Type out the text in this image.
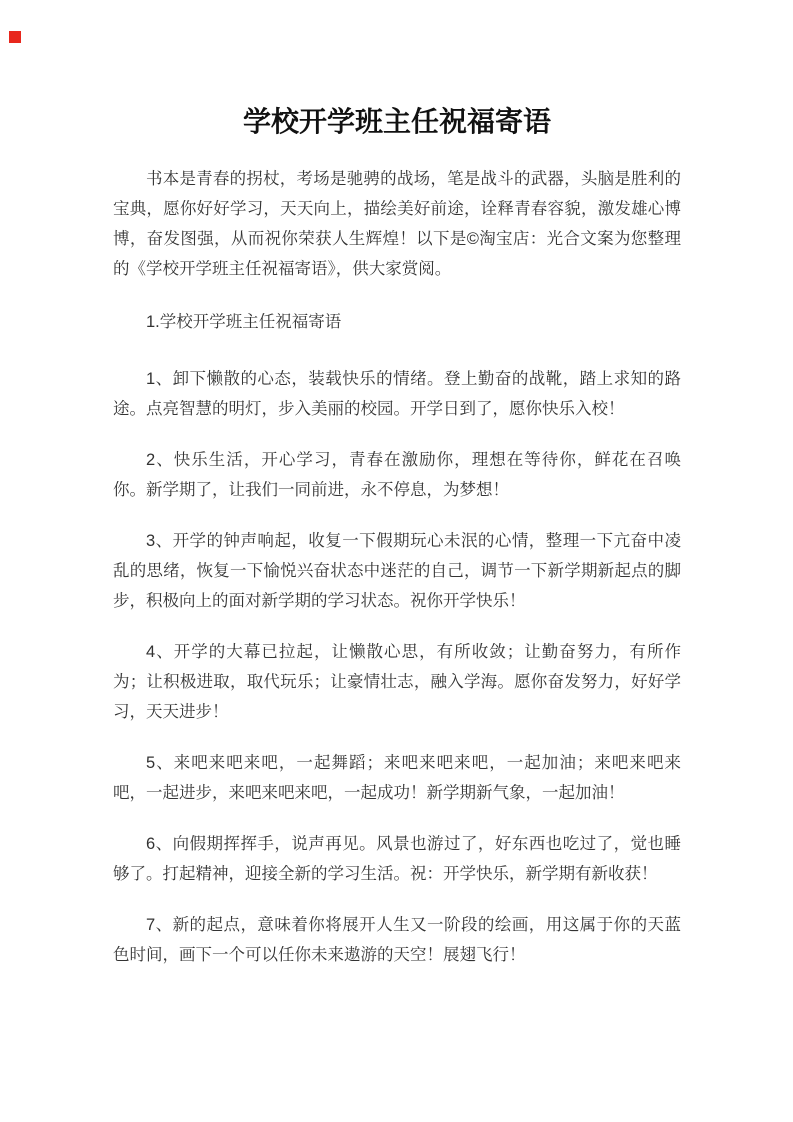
学校开学班主任祝福寄语

书本是青春的拐杖，考场是驰骋的战场，笔是战斗的武器，头脑是胜利的宝典，愿你好好学习，天天向上，描绘美好前途，诠释青春容貌，激发雄心博博，奋发图强，从而祝你荣获人生辉煌！以下是©淘宝店：光合文案为您整理的《学校开学班主任祝福寄语》，供大家赏阅。

1.学校开学班主任祝福寄语

1、卸下懒散的心态，装载快乐的情绪。登上勤奋的战靴，踏上求知的路途。点亮智慧的明灯，步入美丽的校园。开学日到了，愿你快乐入校！

2、快乐生活，开心学习，青春在激励你，理想在等待你，鲜花在召唤你。新学期了，让我们一同前进，永不停息，为梦想！

3、开学的钟声响起，收复一下假期玩心未泯的心情，整理一下亢奋中凌乱的思绪，恢复一下愉悦兴奋状态中迷茫的自己，调节一下新学期新起点的脚步，积极向上的面对新学期的学习状态。祝你开学快乐！

4、开学的大幕已拉起，让懒散心思，有所收敛；让勤奋努力，有所作为；让积极进取，取代玩乐；让豪情壮志，融入学海。愿你奋发努力，好好学习，天天进步！

5、来吧来吧来吧，一起舞蹈；来吧来吧来吧，一起加油；来吧来吧来吧，一起进步，来吧来吧来吧，一起成功！新学期新气象，一起加油！

6、向假期挥挥手，说声再见。风景也游过了，好东西也吃过了，觉也睡够了。打起精神，迎接全新的学习生活。祝：开学快乐，新学期有新收获！

7、新的起点，意味着你将展开人生又一阶段的绘画，用这属于你的天蓝色时间，画下一个可以任你未来遨游的天空！展翅飞行！
